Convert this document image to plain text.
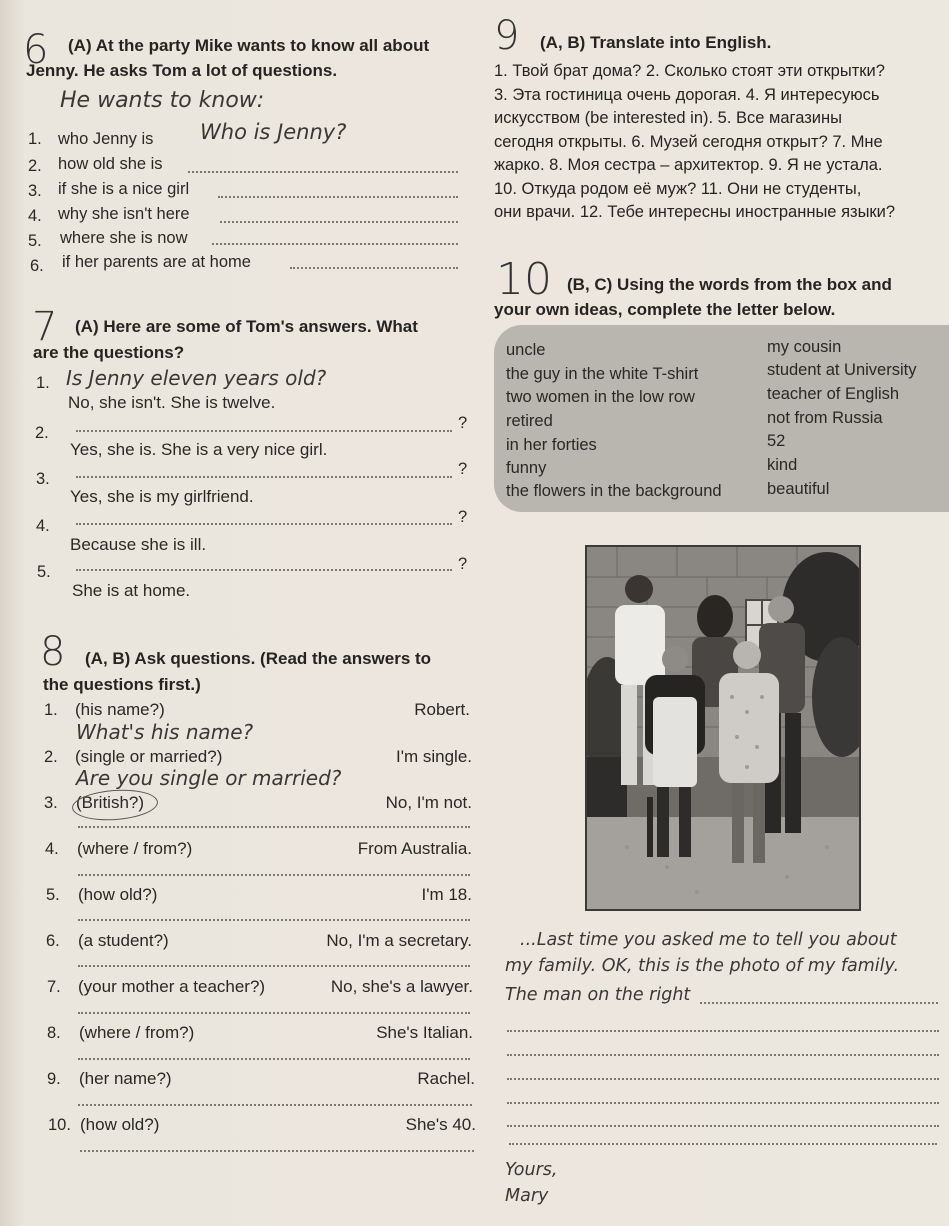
6 (A) At the party Mike wants to know all about
Jenny. He asks Tom a lot of questions.
He wants to know:
1. who Jenny is Who is Jenny?
2. how old she is
3. if she is a nice girl
4. why she isn't here
5. where she is now
6. if her parents are at home
7 (A) Here are some of Tom's answers. What
are the questions?
1. Is Jenny eleven years old?
No, she isn't. She is twelve.
2.
?
Yes, she is. She is a very nice girl.
3.
?
Yes, she is my girlfriend.
4.	?
Because she is ill.
5.	?
She is at home.
8 (A, B) Ask questions. (Read the answers to
the questions first.)
1. (his name?)	Robert.
What's his name?
2. (single or married?)	I'm single.
Are you single or married?
3. (British?)	No, I'm not.
4. (where / from?)	From Australia.
5. (how old?)	I'm 18.
6. (a student?)	No, I'm a secretary.
7. (your mother a teacher?)	No, she's a lawyer.
8. (where / from?)	She's Italian.
9. (her name?)	Rachel.
10. (how old?)	She's 40.
9 (A, B) Translate into English.
1. Твой брат дома? 2. Сколько стоят эти открытки?
3. Эта гостиница очень дорогая. 4. Я интересуюсь
искусством (be interested in). 5. Все магазины
сегодня открыты. 6. Музей сегодня открыт? 7. Мне
жарко. 8. Моя сестра – архитектор. 9. Я не устала.
10. Откуда родом её муж? 11. Они не студенты,
они врачи. 12. Тебе интересны иностранные языки?
10 (B, C) Using the words from the box and
your own ideas, complete the letter below.
uncle
the guy in the white T-shirt
two women in the low row
retired
in her forties
funny
the flowers in the background
my cousin
student at University
teacher of English
not from Russia
52
kind
beautiful
...Last time you asked me to tell you about
my family. OK, this is the photo of my family.
The man on the right
Yours,
Mary
